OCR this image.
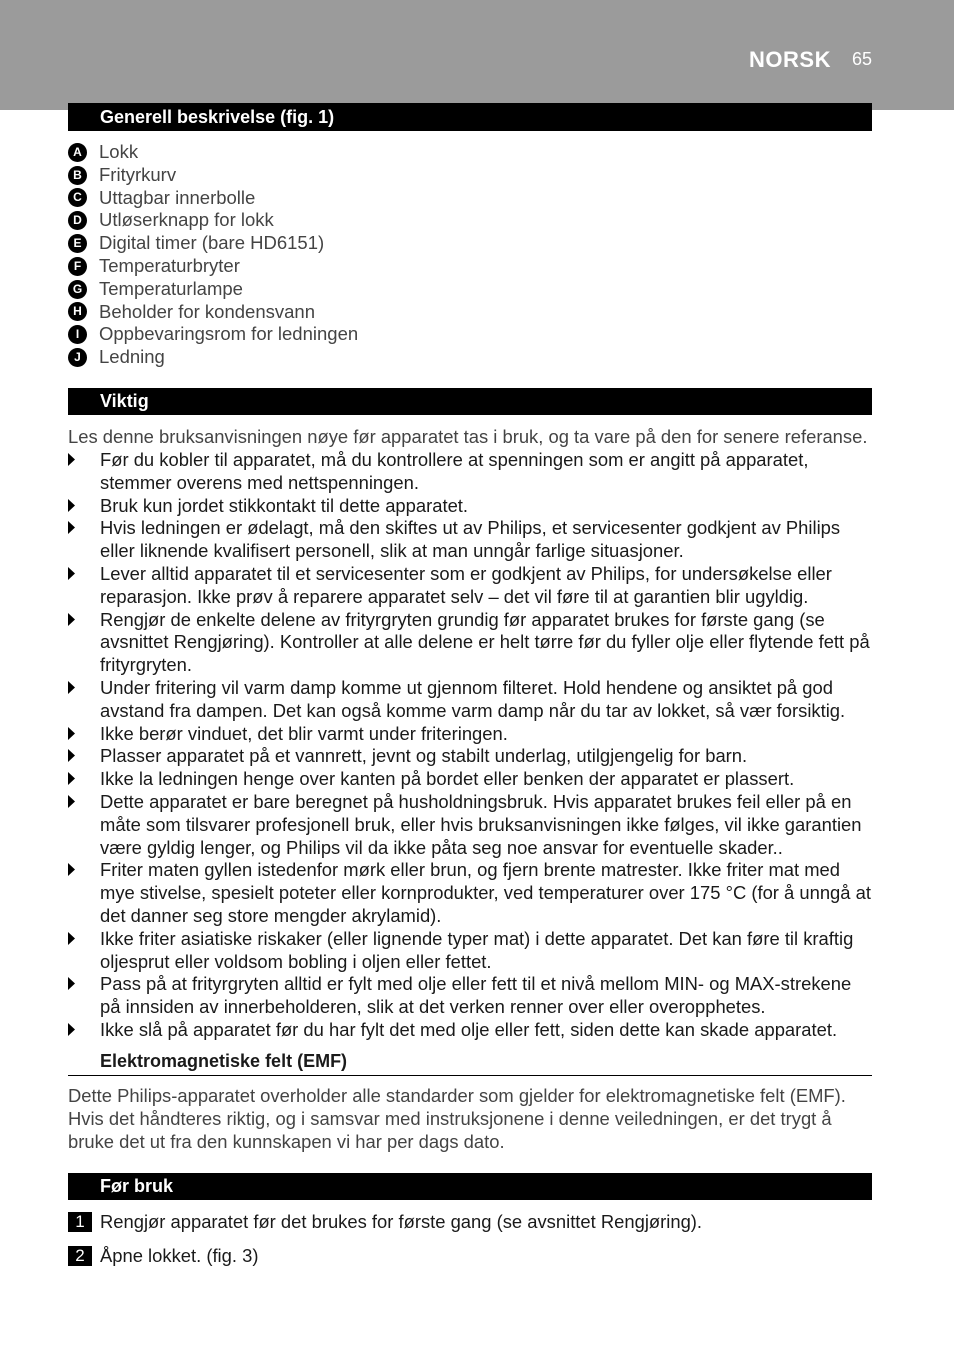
NORSK 65
Generell beskrivelse (fig. 1)
A Lokk
B Frityrkurv
C Uttagbar innerbolle
D Utløserknapp for lokk
E Digital timer (bare HD6151)
F Temperaturbryter
G Temperaturlampe
H Beholder for kondensvann
I	Oppbevaringsrom for ledningen
J Ledning
Viktig

Les denne bruksanvisningen nøye før apparatet tas i bruk, og ta vare på den for senere referanse.

Før du kobler til apparatet, må du kontrollere at spenningen som er angitt på apparatet, stemmer overens med nettspenningen.
Bruk kun jordet stikkontakt til dette apparatet.
Hvis ledningen er ødelagt, må den skiftes ut av Philips, et servicesenter godkjent av Philips eller liknende kvalifisert personell, slik at man unngår farlige situasjoner.
Lever alltid apparatet til et servicesenter som er godkjent av Philips, for undersøkelse eller reparasjon. Ikke prøv å reparere apparatet selv – det vil føre til at garantien blir ugyldig.
Rengjør de enkelte delene av frityrgryten grundig før apparatet brukes for første gang (se avsnittet Rengjøring). Kontroller at alle delene er helt tørre før du fyller olje eller flytende fett på frityrgryten.
Under fritering vil varm damp komme ut gjennom filteret. Hold hendene og ansiktet på god avstand fra dampen. Det kan også komme varm damp når du tar av lokket, så vær forsiktig.
Ikke berør vinduet, det blir varmt under friteringen.
Plasser apparatet på et vannrett, jevnt og stabilt underlag, utilgjengelig for barn.
Ikke la ledningen henge over kanten på bordet eller benken der apparatet er plassert.
Dette apparatet er bare beregnet på husholdningsbruk. Hvis apparatet brukes feil eller på en måte som tilsvarer profesjonell bruk, eller hvis bruksanvisningen ikke følges, vil ikke garantien være gyldig lenger, og Philips vil da ikke påta seg noe ansvar for eventuelle skader..
Friter maten gyllen istedenfor mørk eller brun, og fjern brente matrester. Ikke friter mat med mye stivelse, spesielt poteter eller kornprodukter, ved temperaturer over 175 °C (for å unngå at det danner seg store mengder akrylamid).
Ikke friter asiatiske riskaker (eller lignende typer mat) i dette apparatet. Det kan føre til kraftig oljesprut eller voldsom bobling i oljen eller fettet.
Pass på at frityrgryten alltid er fylt med olje eller fett til et nivå mellom MIN- og MAX-strekene på innsiden av innerbeholderen, slik at det verken renner over eller overopphetes.
Ikke slå på apparatet før du har fylt det med olje eller fett, siden dette kan skade apparatet.
Elektromagnetiske felt (EMF)

Dette Philips-apparatet overholder alle standarder som gjelder for elektromagnetiske felt (EMF). Hvis det håndteres riktig, og i samsvar med instruksjonene i denne veiledningen, er det trygt å bruke det ut fra den kunnskapen vi har per dags dato.

Før bruk
1 Rengjør apparatet før det brukes for første gang (se avsnittet Rengjøring).
2 Åpne lokket. (fig. 3)
